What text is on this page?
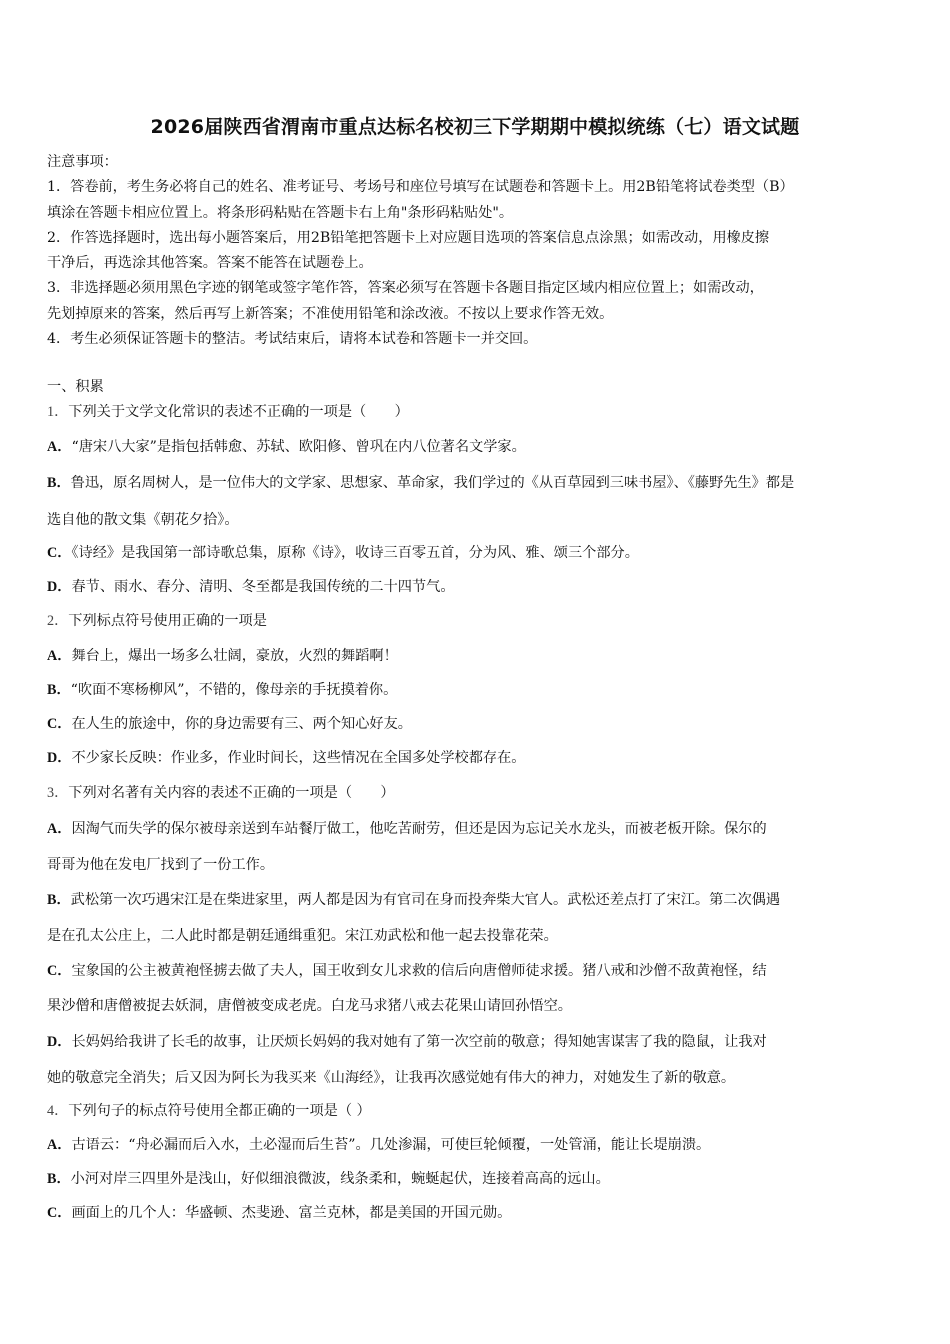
2026届陕西省渭南市重点达标名校初三下学期期中模拟统练（七）语文试题

注意事项：

1．答卷前，考生务必将自己的姓名、准考证号、考场号和座位号填写在试题卷和答题卡上。用2B铅笔将试卷类型（B）

填涂在答题卡相应位置上。将条形码粘贴在答题卡右上角"条形码粘贴处"。

2．作答选择题时，选出每小题答案后，用2B铅笔把答题卡上对应题目选项的答案信息点涂黑；如需改动，用橡皮擦

干净后，再选涂其他答案。答案不能答在试题卷上。

3．非选择题必须用黑色字迹的钢笔或签字笔作答，答案必须写在答题卡各题目指定区域内相应位置上；如需改动，

先划掉原来的答案，然后再写上新答案；不准使用铅笔和涂改液。不按以上要求作答无效。

4．考生必须保证答题卡的整洁。考试结束后，请将本试卷和答题卡一并交回。

一、积累
1．下列关于文学文化常识的表述不正确的一项是（　　）
A．“唐宋八大家”是指包括韩愈、苏轼、欧阳修、曾巩在内八位著名文学家。
B．鲁迅，原名周树人，是一位伟大的文学家、思想家、革命家，我们学过的《从百草园到三味书屋》、《藤野先生》都是
选自他的散文集《朝花夕拾》。
C．《诗经》是我国第一部诗歌总集，原称《诗》，收诗三百零五首，分为风、雅、颂三个部分。
D．春节、雨水、春分、清明、冬至都是我国传统的二十四节气。
2．下列标点符号使用正确的一项是
A．舞台上，爆出一场多么壮阔，豪放，火烈的舞蹈啊！
B．“吹面不寒杨柳风”，不错的，像母亲的手抚摸着你。
C．在人生的旅途中，你的身边需要有三、两个知心好友。
D．不少家长反映：作业多，作业时间长，这些情况在全国多处学校都存在。
3．下列对名著有关内容的表述不正确的一项是（　　）
A．因淘气而失学的保尔被母亲送到车站餐厅做工，他吃苦耐劳，但还是因为忘记关水龙头，而被老板开除。保尔的
哥哥为他在发电厂找到了一份工作。
B．武松第一次巧遇宋江是在柴进家里，两人都是因为有官司在身而投奔柴大官人。武松还差点打了宋江。第二次偶遇
是在孔太公庄上，二人此时都是朝廷通缉重犯。宋江劝武松和他一起去投靠花荣。
C．宝象国的公主被黄袍怪掳去做了夫人，国王收到女儿求救的信后向唐僧师徒求援。猪八戒和沙僧不敌黄袍怪，结
果沙僧和唐僧被捉去妖洞，唐僧被变成老虎。白龙马求猪八戒去花果山请回孙悟空。
D．长妈妈给我讲了长毛的故事，让厌烦长妈妈的我对她有了第一次空前的敬意；得知她害谋害了我的隐鼠，让我对
她的敬意完全消失；后又因为阿长为我买来《山海经》，让我再次感觉她有伟大的神力，对她发生了新的敬意。
4．下列句子的标点符号使用全都正确的一项是（ ）
A．古语云：“舟必漏而后入水，土必湿而后生苔”。几处渗漏，可使巨轮倾覆，一处管涌，能让长堤崩溃。
B．小河对岸三四里外是浅山，好似细浪微波，线条柔和，蜿蜒起伏，连接着高高的远山。
C．画面上的几个人：华盛顿、杰斐逊、富兰克林，都是美国的开国元勋。
